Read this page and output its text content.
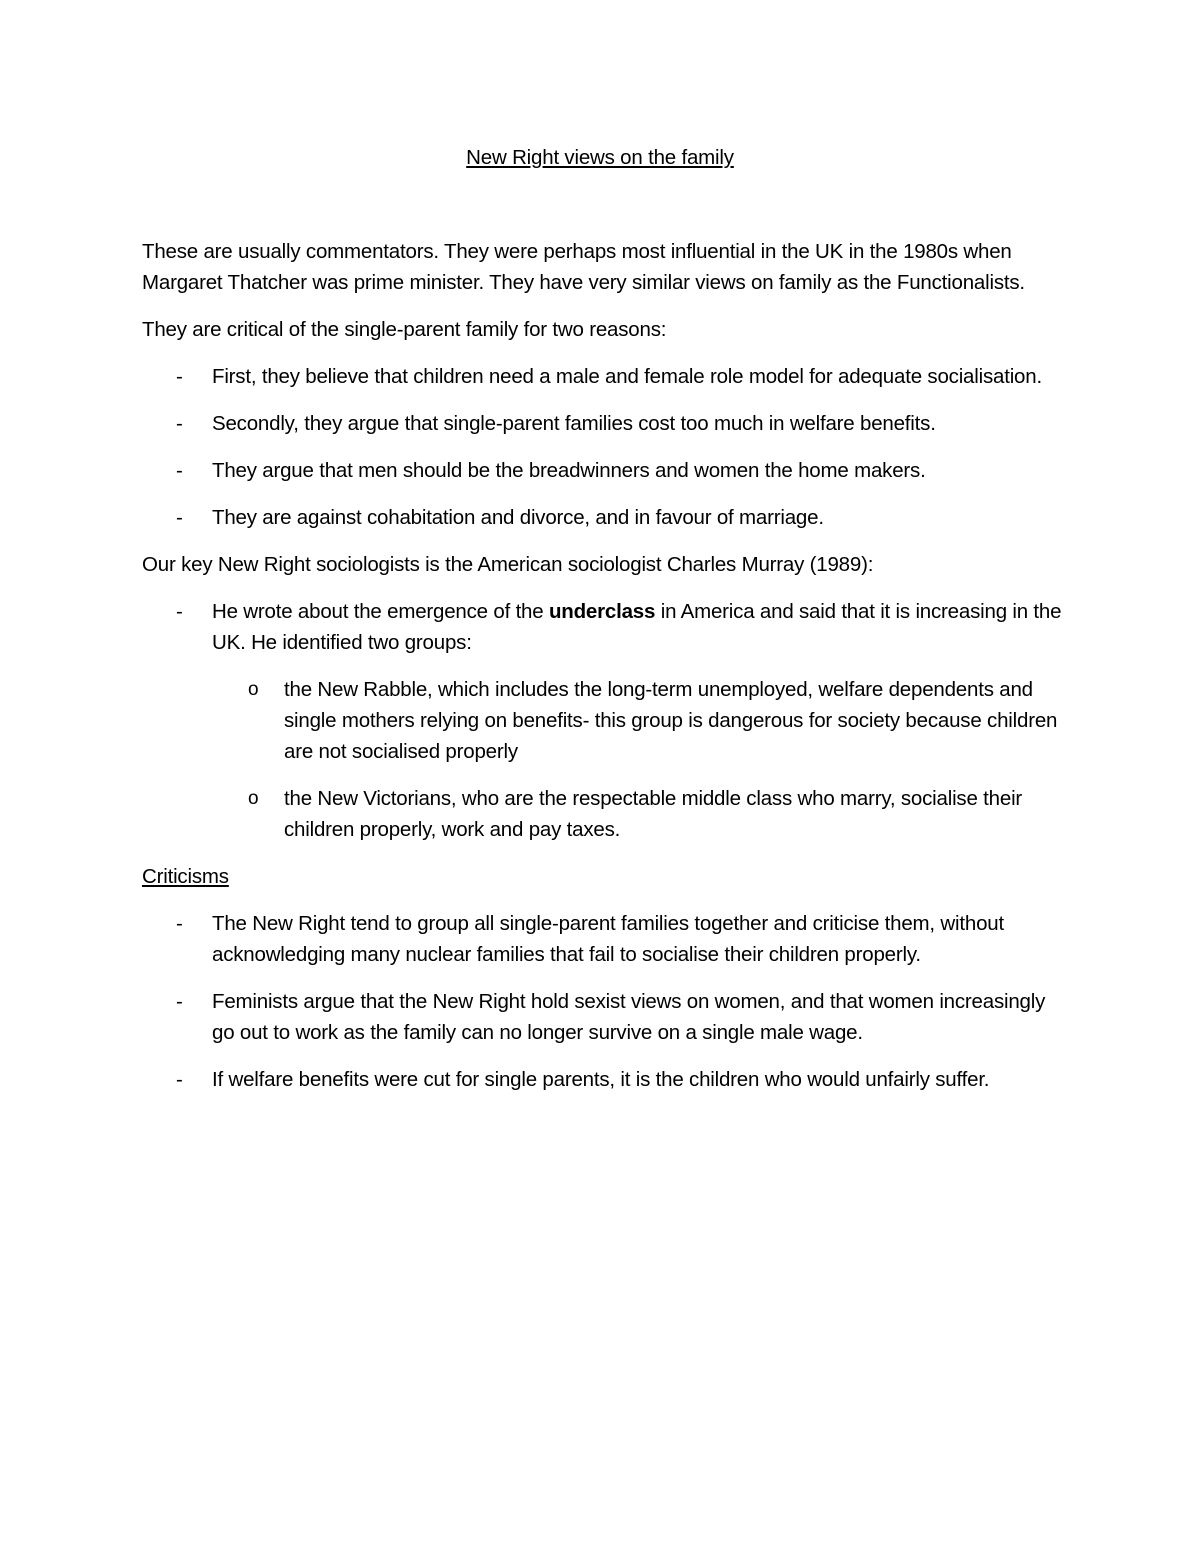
New Right views on the family

These are usually commentators. They were perhaps most influential in the UK in the 1980s when Margaret Thatcher was prime minister. They have very similar views on family as the Functionalists.

They are critical of the single-parent family for two reasons:

- First, they believe that children need a male and female role model for adequate socialisation.
- Secondly, they argue that single-parent families cost too much in welfare benefits.
- They argue that men should be the breadwinners and women the home makers.
- They are against cohabitation and divorce, and in favour of marriage.

Our key New Right sociologists is the American sociologist Charles Murray (1989):

- He wrote about the emergence of the underclass in America and said that it is increasing in the UK. He identified two groups:
o the New Rabble, which includes the long-term unemployed, welfare dependents and single mothers relying on benefits- this group is dangerous for society because children are not socialised properly
o the New Victorians, who are the respectable middle class who marry, socialise their children properly, work and pay taxes.
Criticisms
- The New Right tend to group all single-parent families together and criticise them, without acknowledging many nuclear families that fail to socialise their children properly.
- Feminists argue that the New Right hold sexist views on women, and that women increasingly go out to work as the family can no longer survive on a single male wage.
- If welfare benefits were cut for single parents, it is the children who would unfairly suffer.
